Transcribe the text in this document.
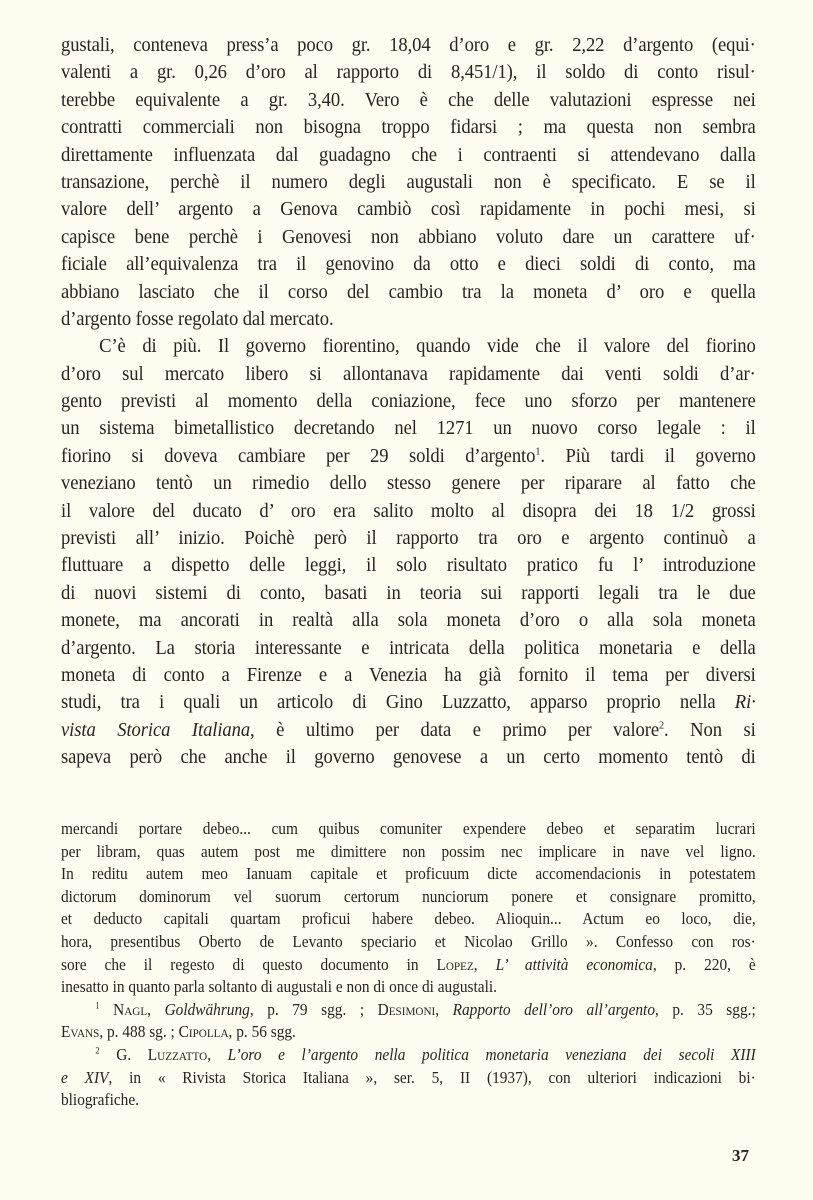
gustali, conteneva press’a poco gr. 18,04 d’oro e gr. 2,22 d’argento (equi·
valenti a gr. 0,26 d’oro al rapporto di 8,451/1), il soldo di conto risul·
terebbe equivalente a gr. 3,40. Vero è che delle valutazioni espresse nei
contratti commerciali non bisogna troppo fidarsi ; ma questa non sembra
direttamente influenzata dal guadagno che i contraenti si attendevano dalla
transazione, perchè il numero degli augustali non è specificato. E se il
valore dell’ argento a Genova cambiò così rapidamente in pochi mesi, si
capisce bene perchè i Genovesi non abbiano voluto dare un carattere uf·
ficiale all’equivalenza tra il genovino da otto e dieci soldi di conto, ma
abbiano lasciato che il corso del cambio tra la moneta d’ oro e quella
d’argento fosse regolato dal mercato.
C’è di più. Il governo fiorentino, quando vide che il valore del fiorino
d’oro sul mercato libero si allontanava rapidamente dai venti soldi d’ar·
gento previsti al momento della coniazione, fece uno sforzo per mantenere
un sistema bimetallistico decretando nel 1271 un nuovo corso legale : il
fiorino si doveva cambiare per 29 soldi d’argento$^1$. Più tardi il governo
veneziano tentò un rimedio dello stesso genere per riparare al fatto che
il valore del ducato d’ oro era salito molto al disopra dei 18 1/2 grossi
previsti all’ inizio. Poichè però il rapporto tra oro e argento continuò a
fluttuare a dispetto delle leggi, il solo risultato pratico fu l’ introduzione
di nuovi sistemi di conto, basati in teoria sui rapporti legali tra le due
monete, ma ancorati in realtà alla sola moneta d’oro o alla sola moneta
d’argento. La storia interessante e intricata della politica monetaria e della
moneta di conto a Firenze e a Venezia ha già fornito il tema per diversi
studi, tra i quali un articolo di Gino Luzzatto, apparso proprio nella Ri·
vista Storica Italiana, è ultimo per data e primo per valore$^2$. Non si
sapeva però che anche il governo genovese a un certo momento tentò di
mercandi portare debeo... cum quibus comuniter expendere debeo et separatim lucrari
per libram, quas autem post me dimittere non possim nec implicare in nave vel ligno.
In reditu autem meo Ianuam capitale et proficuum dicte accomendacionis in potestatem
dictorum dominorum vel suorum certorum nunciorum ponere et consignare promitto,
et deducto capitali quartam proficui habere debeo. Alioquin... Actum eo loco, die,
hora, presentibus Oberto de Levanto speciario et Nicolao Grillo ». Confesso con ros·
sore che il regesto di questo documento in Lopez, L’ attività economica, p. 220, è
inesatto in quanto parla soltanto di augustali e non di once di augustali.
$^1$ Nagl, Goldwährung, p. 79 sgg. ; Desimoni, Rapporto dell’oro all’argento, p. 35 sgg.;
Evans, p. 488 sg. ; Cipolla, p. 56 sgg.
$^2$ G. Luzzatto, L’oro e l’argento nella politica monetaria veneziana dei secoli XIII
e XIV, in « Rivista Storica Italiana », ser. 5, II (1937), con ulteriori indicazioni bi·
bliografiche.
37
